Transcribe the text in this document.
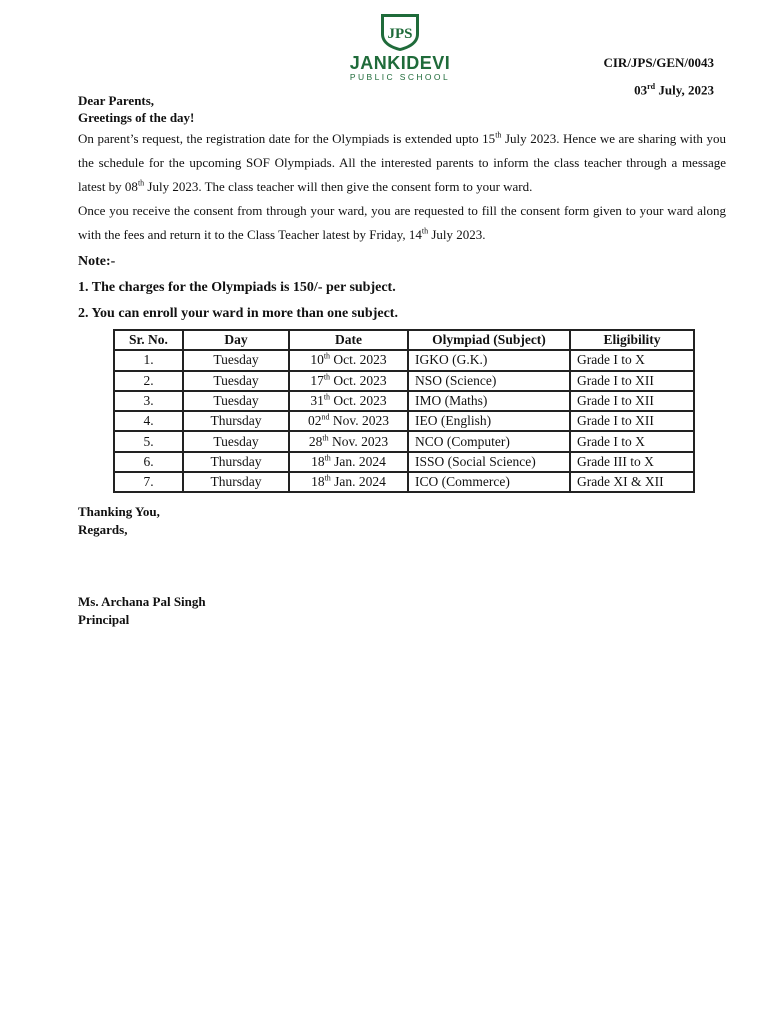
JPS
JANKIDEVI
PUBLIC SCHOOL
CIR/JPS/GEN/0043
03rd July, 2023
Dear Parents,
Greetings of the day!
On parent’s request, the registration date for the Olympiads is extended upto 15th July 2023. Hence we are sharing with you the schedule for the upcoming SOF Olympiads. All the interested parents to inform the class teacher through a message latest by 08th July 2023. The class teacher will then give the consent form to your ward.
Once you receive the consent from through your ward, you are requested to fill the consent form given to your ward along with the fees and return it to the Class Teacher latest by Friday, 14th July 2023.
Note:-
1. The charges for the Olympiads is 150/- per subject.
2. You can enroll your ward in more than one subject.
Sr. No.	Day	Date	Olympiad (Subject)	Eligibility
1.	Tuesday	10th Oct. 2023	IGKO (G.K.)	Grade I to X
2.	Tuesday	17th Oct. 2023	NSO (Science)	Grade I to XII
3.	Tuesday	31th Oct. 2023	IMO (Maths)	Grade I to XII
4.	Thursday	02nd Nov. 2023	IEO (English)	Grade I to XII
5.	Tuesday	28th Nov. 2023	NCO (Computer)	Grade I to X
6.	Thursday	18th Jan. 2024	ISSO (Social Science)	Grade III to X
7.	Thursday	18th Jan. 2024	ICO (Commerce)	Grade XI & XII
Thanking You,
Regards,
Ms. Archana Pal Singh
Principal
